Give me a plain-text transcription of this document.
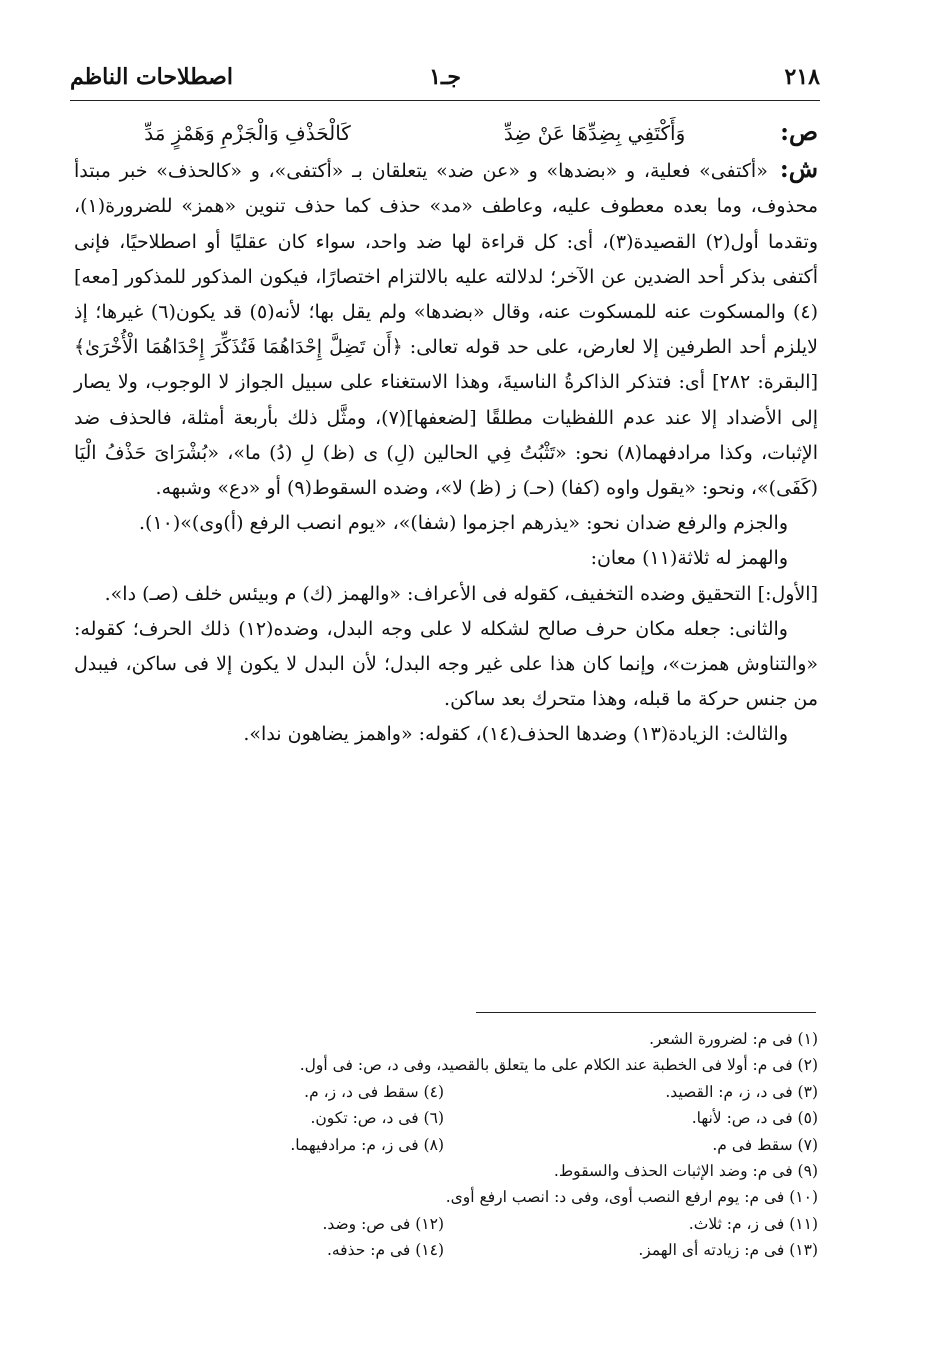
٢١٨
جـ١
اصطلاحات الناظم
ص:
وَأَكْتَفِي بِضِدِّهَا عَنْ ضِدِّ
كَالْحَذْفِ وَالْجَزْمِ وَهَمْزٍ مَدِّ

ش:«أكتفى» فعلية، و «بضدها» و «عن ضد» يتعلقان بـ «أكتفى»، و «كالحذف» خبر مبتدأ محذوف، وما بعده معطوف عليه، وعاطف «مد» حذف كما حذف تنوين «همز» للضرورة(١)، وتقدما أول(٢) القصيدة(٣)، أى: كل قراءة لها ضد واحد، سواء كان عقليًا أو اصطلاحيًا، فإنى أكتفى بذكر أحد الضدين عن الآخر؛ لدلالته عليه بالالتزام اختصارًا، فيكون المذكور للمذكور [معه](٤) والمسكوت عنه للمسكوت عنه، وقال «بضدها» ولم يقل بها؛ لأنه(٥) قد يكون(٦) غيرها؛ إذ لايلزم أحد الطرفين إلا لعارض، على حد قوله تعالى: ﴿أَن تَضِلَّ إِحْدَاهُمَا فَتُذَكِّرَ إِحْدَاهُمَا الْأُخْرَىٰ﴾ [البقرة: ٢٨٢] أى: فتذكر الذاكرةُ الناسيةَ، وهذا الاستغناء على سبيل الجواز لا الوجوب، ولا يصار إلى الأضداد إلا عند عدم اللفظيات مطلقًا [لضعفها](٧)، ومثَّل ذلك بأربعة أمثلة، فالحذف ضد الإثبات، وكذا مرادفهما(٨) نحو: «تَثْبُتُ فِي الحالين (لِ) ى (ظ) لِ (دُ) ما»، «بُشْرَاىَ حَذْفُ الْيَا (كَفَى)»، ونحو: «يقول واوه (كفا) (حـ) ز (ظ) لا»، وضده السقوط(٩) أو «دع» وشبهه.

والجزم والرفع ضدان نحو: «يذرهم اجزموا (شفا)»، «يوم انصب الرفع (أ)وى)»(١٠).

والهمز له ثلاثة(١١) معان:

[الأول:] التحقيق وضده التخفيف، كقوله فى الأعراف: «والهمز (ك) م وبيئس خلف (صـ) دا».

والثانى: جعله مكان حرف صالح لشكله لا على وجه البدل، وضده(١٢) ذلك الحرف؛ كقوله: «والتناوش همزت»، وإنما كان هذا على غير وجه البدل؛ لأن البدل لا يكون إلا فى ساكن، فيبدل من جنس حركة ما قبله، وهذا متحرك بعد ساكن.

والثالث: الزيادة(١٣) وضدها الحذف(١٤)، كقوله: «واهمز يضاهون ندا».

(١) فى م: لضرورة الشعر.
(٢) فى م: أولا فى الخطبة عند الكلام على ما يتعلق بالقصيد، وفى د، ص: فى أول.
(٣) فى د، ز، م: القصيد.
(٤) سقط فى د، ز، م.
(٥) فى د، ص: لأنها.
(٦) فى د، ص: تكون.
(٧) سقط فى م.
(٨) فى ز، م: مرادفيهما.
(٩) فى م: وضد الإثبات الحذف والسقوط.
(١٠) فى م: يوم ارفع النصب أوى، وفى د: انصب ارفع أوى.
(١١) فى ز، م: ثلاث.
(١٢) فى ص: وضد.
(١٣) فى م: زيادته أى الهمز.
(١٤) فى م: حذفه.
